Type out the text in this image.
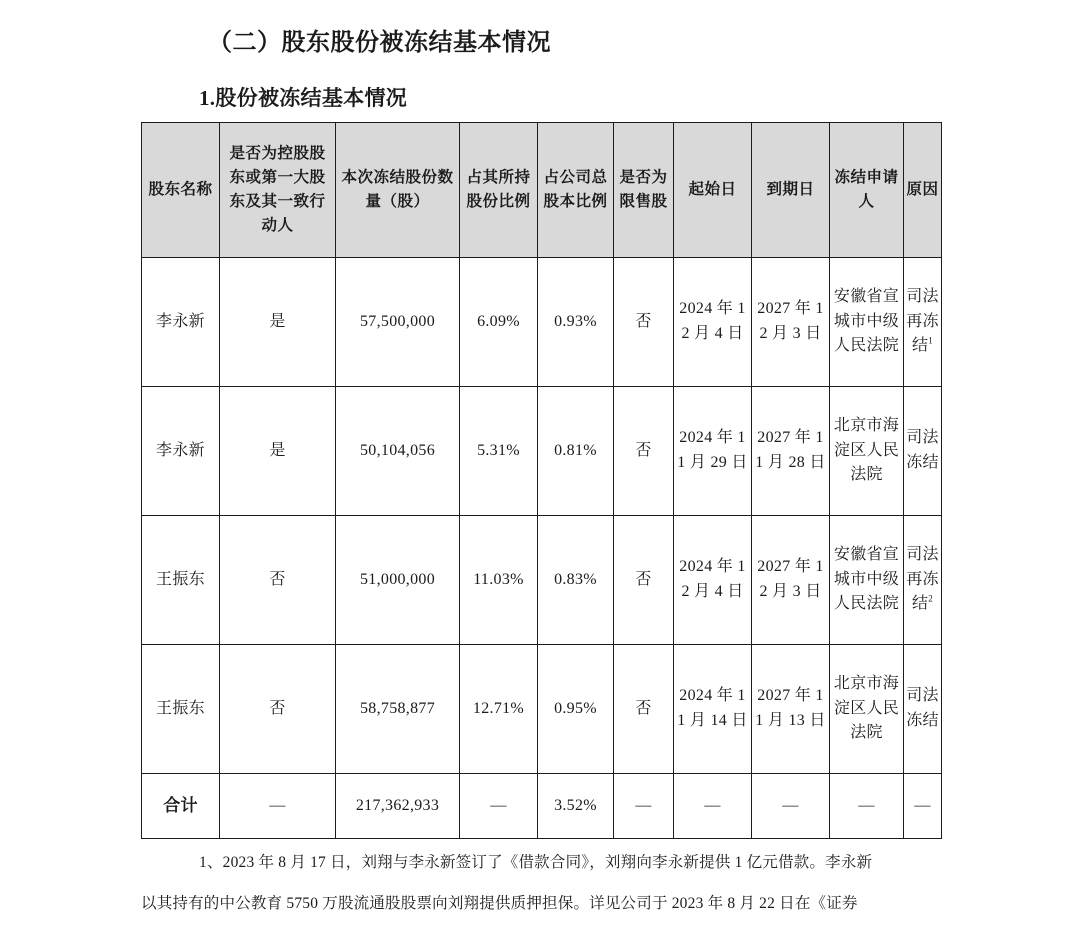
（二）股东股份被冻结基本情况
1.股份被冻结基本情况
股东名称	是否为控股股东或第一大股东及其一致行动人	本次冻结股份数量（股）	占其所持股份比例	占公司总股本比例	是否为限售股	起始日	到期日	冻结申请人	原因
李永新	是	57,500,000	6.09%	0.93%	否	2024 年 12 月 4 日	2027 年 12 月 3 日	安徽省宣城市中级人民法院	司法再冻结$^1$
李永新	是	50,104,056	5.31%	0.81%	否	2024 年 11 月 29 日	2027 年 11 月 28 日	北京市海淀区人民法院	司法冻结
王振东	否	51,000,000	11.03%	0.83%	否	2024 年 12 月 4 日	2027 年 12 月 3 日	安徽省宣城市中级人民法院	司法再冻结$^2$
王振东	否	58,758,877	12.71%	0.95%	否	2024 年 11 月 14 日	2027 年 11 月 13 日	北京市海淀区人民法院	司法冻结
合计	—	217,362,933	—	3.52%	—	—	—	—	—
1、2023 年 8 月 17 日，刘翔与李永新签订了《借款合同》，刘翔向李永新提供 1 亿元借款。李永新
以其持有的中公教育 5750 万股流通股股票向刘翔提供质押担保。详见公司于 2023 年 8 月 22 日在《证券
